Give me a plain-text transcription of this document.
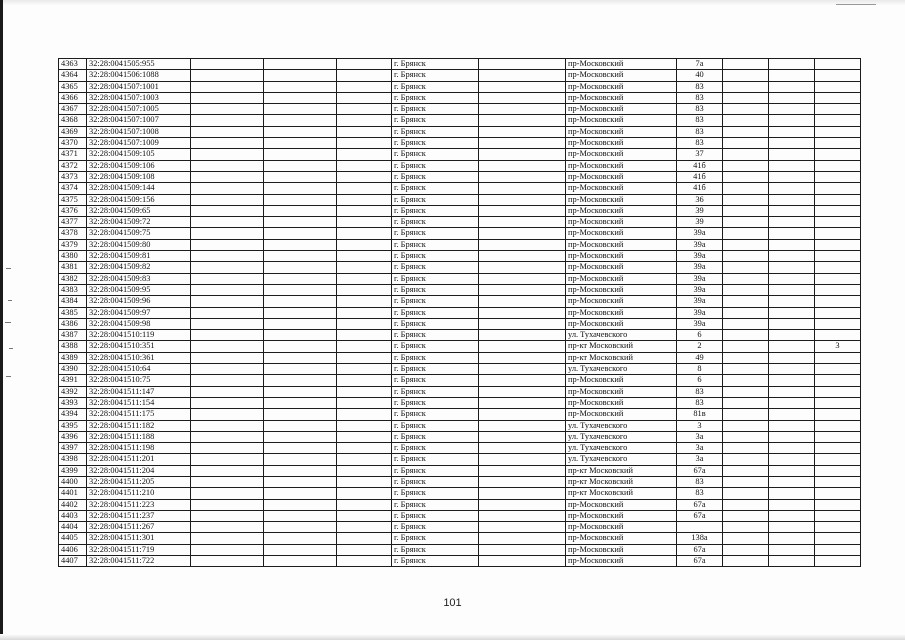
4363	32:28:0041505:955				г. Брянск		пр-Московский	7а			
4364	32:28:0041506:1088				г. Брянск		пр-Московский	40			
4365	32:28:0041507:1001				г. Брянск		пр-Московский	83			
4366	32:28:0041507:1003				г. Брянск		пр-Московский	83			
4367	32:28:0041507:1005				г. Брянск		пр-Московский	83			
4368	32:28:0041507:1007				г. Брянск		пр-Московский	83			
4369	32:28:0041507:1008				г. Брянск		пр-Московский	83			
4370	32:28:0041507:1009				г. Брянск		пр-Московский	83			
4371	32:28:0041509:105				г. Брянск		пр-Московский	37			
4372	32:28:0041509:106				г. Брянск		пр-Московский	41б			
4373	32:28:0041509:108				г. Брянск		пр-Московский	41б			
4374	32:28:0041509:144				г. Брянск		пр-Московский	41б			
4375	32:28:0041509:156				г. Брянск		пр-Московский	36			
4376	32:28:0041509:65				г. Брянск		пр-Московский	39			
4377	32:28:0041509:72				г. Брянск		пр-Московский	39			
4378	32:28:0041509:75				г. Брянск		пр-Московский	39а			
4379	32:28:0041509:80				г. Брянск		пр-Московский	39а			
4380	32:28:0041509:81				г. Брянск		пр-Московский	39а			
4381	32:28:0041509:82				г. Брянск		пр-Московский	39а			
4382	32:28:0041509:83				г. Брянск		пр-Московский	39а			
4383	32:28:0041509:95				г. Брянск		пр-Московский	39а			
4384	32:28:0041509:96				г. Брянск		пр-Московский	39а			
4385	32:28:0041509:97				г. Брянск		пр-Московский	39а			
4386	32:28:0041509:98				г. Брянск		пр-Московский	39а			
4387	32:28:0041510:119				г. Брянск		ул. Тухачевского	6			
4388	32:28:0041510:351				г. Брянск		пр-кт Московский	2			3
4389	32:28:0041510:361				г. Брянск		пр-кт Московский	49			
4390	32:28:0041510:64				г. Брянск		ул. Тухачевского	8			
4391	32:28:0041510:75				г. Брянск		пр-Московский	6			
4392	32:28:0041511:147				г. Брянск		пр-Московский	83			
4393	32:28:0041511:154				г. Брянск		пр-Московский	83			
4394	32:28:0041511:175				г. Брянск		пр-Московский	81в			
4395	32:28:0041511:182				г. Брянск		ул. Тухачевского	3			
4396	32:28:0041511:188				г. Брянск		ул. Тухачевского	3а			
4397	32:28:0041511:198				г. Брянск		ул. Тухачевского	3а			
4398	32:28:0041511:201				г. Брянск		ул. Тухачевского	3а			
4399	32:28:0041511:204				г. Брянск		пр-кт Московский	67а			
4400	32:28:0041511:205				г. Брянск		пр-кт Московский	83			
4401	32:28:0041511:210				г. Брянск		пр-кт Московский	83			
4402	32:28:0041511:223				г. Брянск		пр-Московский	67а			
4403	32:28:0041511:237				г. Брянск		пр-Московский	67а			
4404	32:28:0041511:267				г. Брянск		пр-Московский				
4405	32:28:0041511:301				г. Брянск		пр-Московский	138а			
4406	32:28:0041511:719				г. Брянск		пр-Московский	67а			
4407	32:28:0041511:722				г. Брянск		пр-Московский	67а			
101
